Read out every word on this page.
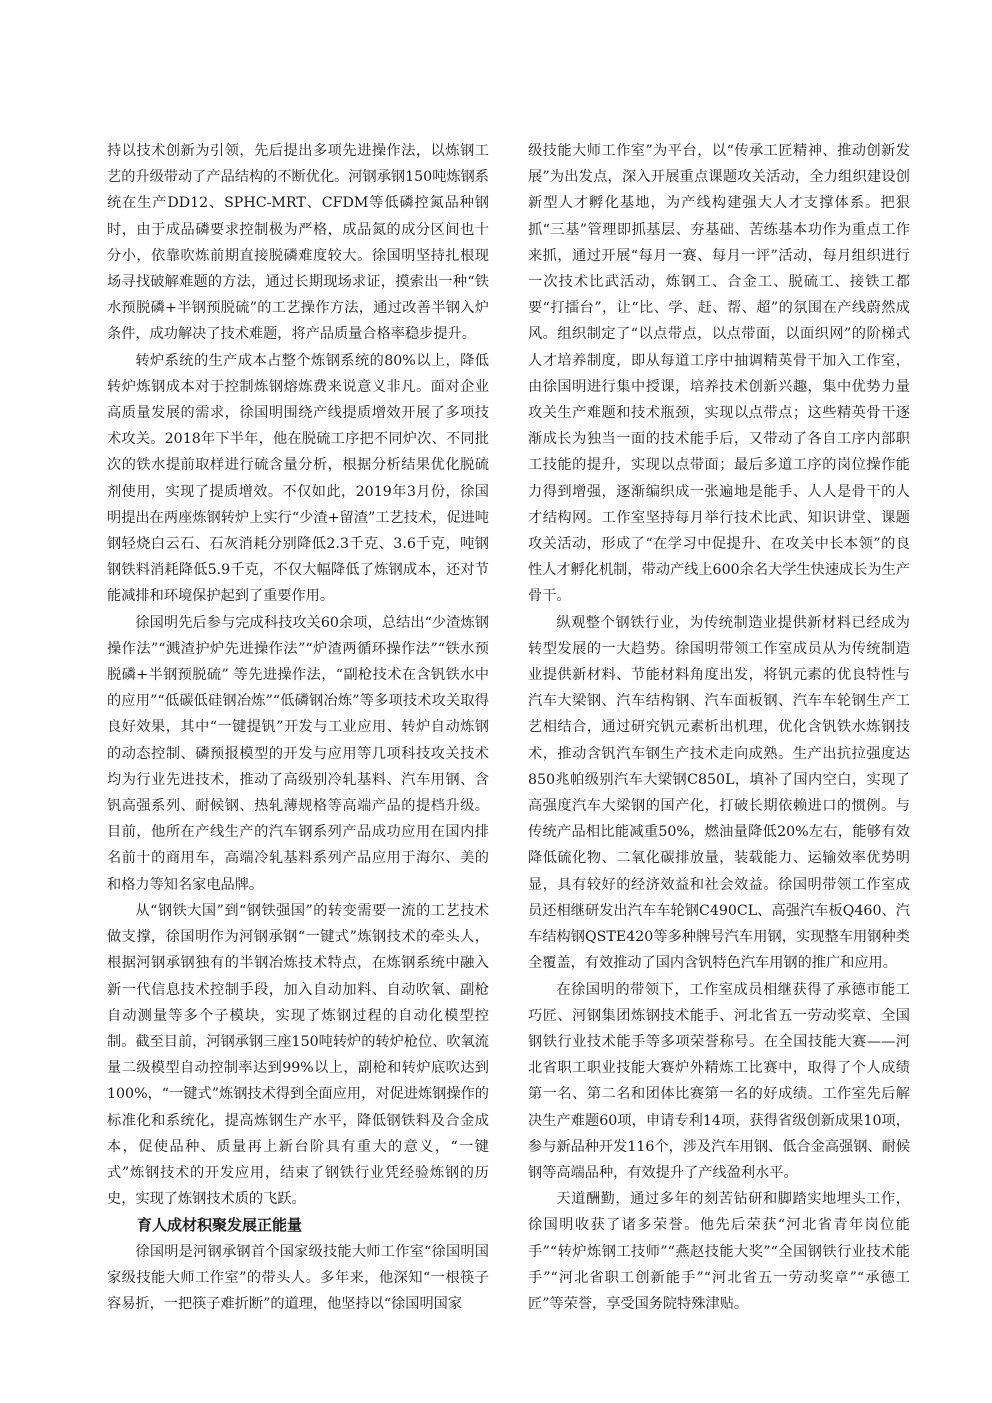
持以技术创新为引领，先后提出多项先进操作法，以炼钢工艺的升级带动了产品结构的不断优化。河钢承钢150吨炼钢系统在生产DD12、SPHC-MRT、CFDM等低磷控氮品种钢时，由于成品磷要求控制极为严格，成品氮的成分区间也十分小，依靠吹炼前期直接脱磷难度较大。徐国明坚持扎根现场寻找破解难题的方法，通过长期现场求证，摸索出一种“铁水预脱磷+半钢预脱硫”的工艺操作方法，通过改善半钢入炉条件，成功解决了技术难题，将产品质量合格率稳步提升。

转炉系统的生产成本占整个炼钢系统的80%以上，降低转炉炼钢成本对于控制炼钢熔炼费来说意义非凡。面对企业高质量发展的需求，徐国明围绕产线提质增效开展了多项技术攻关。2018年下半年，他在脱硫工序把不同炉次、不同批次的铁水提前取样进行硫含量分析，根据分析结果优化脱硫剂使用，实现了提质增效。不仅如此，2019年3月份，徐国明提出在两座炼钢转炉上实行“少渣+留渣”工艺技术，促进吨钢轻烧白云石、石灰消耗分别降低2.3千克、3.6千克，吨钢钢铁料消耗降低5.9千克，不仅大幅降低了炼钢成本，还对节能减排和环境保护起到了重要作用。

徐国明先后参与完成科技攻关60余项，总结出“少渣炼钢操作法”“溅渣护炉先进操作法”“炉渣两循环操作法”“铁水预脱磷+半钢预脱硫” 等先进操作法，“副枪技术在含钒铁水中的应用”“低碳低硅钢冶炼”“低磷钢冶炼”等多项技术攻关取得良好效果，其中“一键提钒”开发与工业应用、转炉自动炼钢的动态控制、磷预报模型的开发与应用等几项科技攻关技术均为行业先进技术，推动了高级别冷轧基料、汽车用钢、含钒高强系列、耐候钢、热轧薄规格等高端产品的提档升级。目前，他所在产线生产的汽车钢系列产品成功应用在国内排名前十的商用车，高端冷轧基料系列产品应用于海尔、美的和格力等知名家电品牌。

从“钢铁大国”到“钢铁强国”的转变需要一流的工艺技术做支撑，徐国明作为河钢承钢“一键式”炼钢技术的牵头人，根据河钢承钢独有的半钢冶炼技术特点，在炼钢系统中融入新一代信息技术控制手段，加入自动加料、自动吹氧、副枪自动测量等多个子模块，实现了炼钢过程的自动化模型控制。截至目前，河钢承钢三座150吨转炉的转炉枪位、吹氧流量二级模型自动控制率达到99%以上，副枪和转炉底吹达到100%，“一键式”炼钢技术得到全面应用，对促进炼钢操作的标准化和系统化，提高炼钢生产水平，降低钢铁料及合金成本，促使品种、质量再上新台阶具有重大的意义，“一键式”炼钢技术的开发应用，结束了钢铁行业凭经验炼钢的历史，实现了炼钢技术质的飞跃。

育人成材积聚发展正能量

徐国明是河钢承钢首个国家级技能大师工作室“徐国明国家级技能大师工作室”的带头人。多年来，他深知“一根筷子容易折，一把筷子难折断”的道理，他坚持以“徐国明国家

级技能大师工作室”为平台，以“传承工匠精神、推动创新发展”为出发点，深入开展重点课题攻关活动，全力组织建设创新型人才孵化基地，为产线构建强大人才支撑体系。把狠抓“三基”管理即抓基层、夯基础、苦练基本功作为重点工作来抓，通过开展“每月一赛、每月一评”活动，每月组织进行一次技术比武活动，炼钢工、合金工、脱硫工、接铁工都要“打擂台”，让“比、学、赶、帮、超”的氛围在产线蔚然成风。组织制定了“以点带点，以点带面，以面织网”的阶梯式人才培养制度，即从每道工序中抽调精英骨干加入工作室，由徐国明进行集中授课，培养技术创新兴趣，集中优势力量攻关生产难题和技术瓶颈，实现以点带点；这些精英骨干逐渐成长为独当一面的技术能手后，又带动了各自工序内部职工技能的提升，实现以点带面；最后多道工序的岗位操作能力得到增强，逐渐编织成一张遍地是能手、人人是骨干的人才结构网。工作室坚持每月举行技术比武、知识讲堂、课题攻关活动，形成了“在学习中促提升、在攻关中长本领”的良性人才孵化机制，带动产线上600余名大学生快速成长为生产骨干。

纵观整个钢铁行业，为传统制造业提供新材料已经成为转型发展的一大趋势。徐国明带领工作室成员从为传统制造业提供新材料、节能材料角度出发，将钒元素的优良特性与汽车大梁钢、汽车结构钢、汽车面板钢、汽车车轮钢生产工艺相结合，通过研究钒元素析出机理，优化含钒铁水炼钢技术，推动含钒汽车钢生产技术走向成熟。生产出抗拉强度达850兆帕级别汽车大梁钢C850L，填补了国内空白，实现了高强度汽车大梁钢的国产化，打破长期依赖进口的惯例。与传统产品相比能减重50%，燃油量降低20%左右，能够有效降低硫化物、二氧化碳排放量，装载能力、运输效率优势明显，具有较好的经济效益和社会效益。徐国明带领工作室成员还相继研发出汽车车轮钢C490CL、高强汽车板Q460、汽车结构钢QSTE420等多种牌号汽车用钢，实现整车用钢种类全覆盖，有效推动了国内含钒特色汽车用钢的推广和应用。

在徐国明的带领下，工作室成员相继获得了承德市能工巧匠、河钢集团炼钢技术能手、河北省五一劳动奖章、全国钢铁行业技术能手等多项荣誉称号。在全国技能大赛——河北省职工职业技能大赛炉外精炼工比赛中，取得了个人成绩第一名、第二名和团体比赛第一名的好成绩。工作室先后解决生产难题60项，申请专利14项，获得省级创新成果10项，参与新品种开发116个，涉及汽车用钢、低合金高强钢、耐候钢等高端品种，有效提升了产线盈利水平。

天道酬勤，通过多年的刻苦钻研和脚踏实地埋头工作，徐国明收获了诸多荣誉。他先后荣获“河北省青年岗位能手”“转炉炼钢工技师”“燕赵技能大奖”“全国钢铁行业技术能手”“河北省职工创新能手”“河北省五一劳动奖章”“承德工匠”等荣誉，享受国务院特殊津贴。
